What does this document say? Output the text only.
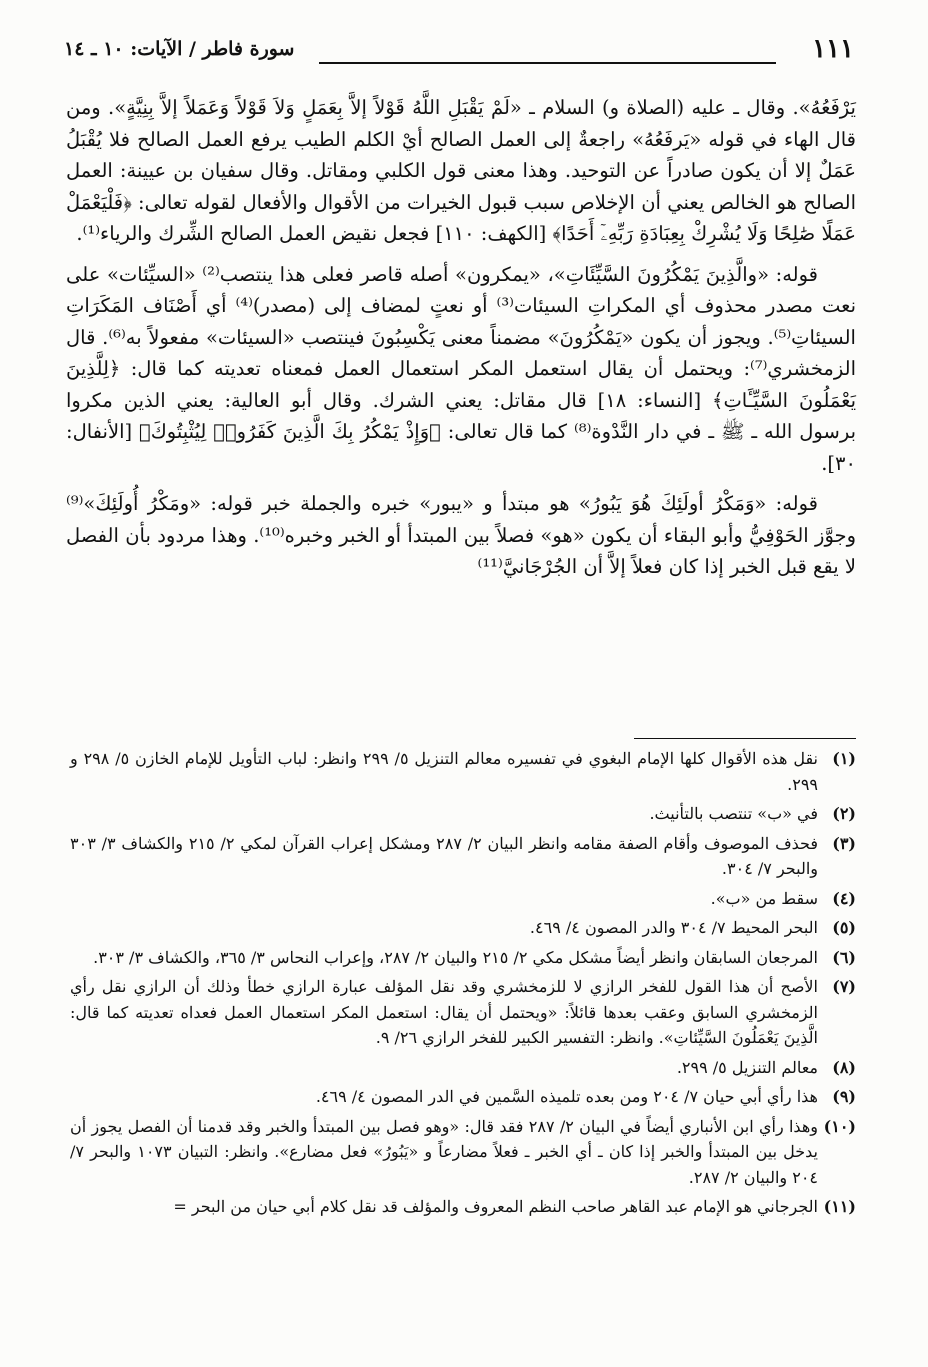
سورة فاطر / الآيات: ١٠ ـ ١٤	١١١

يَرْفَعُهُ». وقال ـ عليه (الصلاة و) السلام ـ «لَمْ يَقْبَلِ اللَّهُ قَوْلاً إلاَّ بِعَمَلٍ وَلاَ قَوْلاً وَعَمَلاً إلاَّ بِنِيَّةٍ». ومن قال الهاء في قوله «يَرفَعُهُ» راجعةٌ إلى العمل الصالح أيْ الكلم الطيب يرفع العمل الصالح فلا يُقْبَلُ عَمَلٌ إلا أن يكون صادراً عن التوحيد. وهذا معنى قول الكلبي ومقاتل. وقال سفيان بن عيينة: العمل الصالح هو الخالص يعني أن الإخلاص سبب قبول الخيرات من الأقوال والأفعال لقوله تعالى: ﴿فَلْيَعْمَلْ عَمَلًا صَٰلِحًا وَلَا يُشْرِكْ بِعِبَادَةِ رَبِّهِۦٓ أَحَدًا﴾ [الكهف: ١١٠] فجعل نقيض العمل الصالح الشِّرك والرياء⁽¹⁾.

قوله: «والَّذِينَ يَمْكُرُونَ السَّيِّئَاتِ»، «يمكرون» أصله قاصر فعلى هذا ينتصب⁽²⁾ «السيِّئات» على نعت مصدر محذوف أي المكراتِ السيئات⁽³⁾ أو نعتٍ لمضاف إلى (مصدر)⁽⁴⁾ أي أَصْنَاف المَكَرَاتِ السيئاتِ⁽⁵⁾. ويجوز أن يكون «يَمْكُرُونَ» مضمناً معنى يَكْسِبُونَ فينتصب «السيئات» مفعولاً به⁽⁶⁾. قال الزمخشري⁽⁷⁾: ويحتمل أن يقال استعمل المكر استعمال العمل فمعناه تعديته كما قال: ﴿لِلَّذِينَ يَعْمَلُونَ السَّيِّـَٔاتِ﴾ [النساء: ١٨] قال مقاتل: يعني الشرك. وقال أبو العالية: يعني الذين مكروا برسول الله ـ ﷺ ـ في دار النَّدْوة⁽⁸⁾ كما قال تعالى: ﴿وَإِذْ يَمْكُرُ بِكَ الَّذِينَ كَفَرُوا۟ لِيُثْبِتُوكَ﴾ [الأنفال: ٣٠].

قوله: «وَمَكْرُ أولَئِكَ هُوَ يَبُورُ» هو مبتدأ و «يبور» خبره والجملة خبر قوله: «ومَكْرُ أُولَئِكَ»⁽⁹⁾ وجوَّز الحَوْفِيُّ وأبو البقاء أن يكون «هو» فصلاً بين المبتدأ أو الخبر وخبره⁽¹⁰⁾. وهذا مردود بأن الفصل لا يقع قبل الخبر إذا كان فعلاً إلاَّ أن الجُرْجَانيَّ⁽¹¹⁾

(١)
نقل هذه الأقوال كلها الإمام البغوي في تفسيره معالم التنزيل ٥/ ٢٩٩ وانظر: لباب التأويل للإمام الخازن ٥/ ٢٩٨ و ٢٩٩.
(٢)
في «ب» تنتصب بالتأنيث.
(٣)
فحذف الموصوف وأقام الصفة مقامه وانظر البيان ٢/ ٢٨٧ ومشكل إعراب القرآن لمكي ٢/ ٢١٥ والكشاف ٣/ ٣٠٣ والبحر ٧/ ٣٠٤.
(٤)
سقط من «ب».
(٥)
البحر المحيط ٧/ ٣٠٤ والدر المصون ٤/ ٤٦٩.
(٦)
المرجعان السابقان وانظر أيضاً مشكل مكي ٢/ ٢١٥ والبيان ٢/ ٢٨٧، وإعراب النحاس ٣/ ٣٦٥، والكشاف ٣/ ٣٠٣.
(٧)
الأصح أن هذا القول للفخر الرازي لا للزمخشري وقد نقل المؤلف عبارة الرازي خطأ وذلك أن الرازي نقل رأي الزمخشري السابق وعقب بعدها قائلاً: «ويحتمل أن يقال: استعمل المكر استعمال العمل فعداه تعديته كما قال: الَّذِينَ يَعْمَلُونَ السَّيِّئاتِ». وانظر: التفسير الكبير للفخر الرازي ٢٦/ ٩.
(٨)
معالم التنزيل ٥/ ٢٩٩.
(٩)
هذا رأي أبي حيان ٧/ ٢٠٤ ومن بعده تلميذه السَّمين في الدر المصون ٤/ ٤٦٩.
(١٠)
وهذا رأي ابن الأنباري أيضاً في البيان ٢/ ٢٨٧ فقد قال: «وهو فصل بين المبتدأ والخبر وقد قدمنا أن الفصل يجوز أن يدخل بين المبتدأ والخبر إذا كان ـ أي الخبر ـ فعلاً مضارعاً و «يَبُورُ» فعل مضارع». وانظر: التبيان ١٠٧٣ والبحر ٧/ ٢٠٤ والبيان ٢/ ٢٨٧.
(١١)
الجرجاني هو الإمام عبد القاهر صاحب النظم المعروف والمؤلف قد نقل كلام أبي حيان من البحر =
